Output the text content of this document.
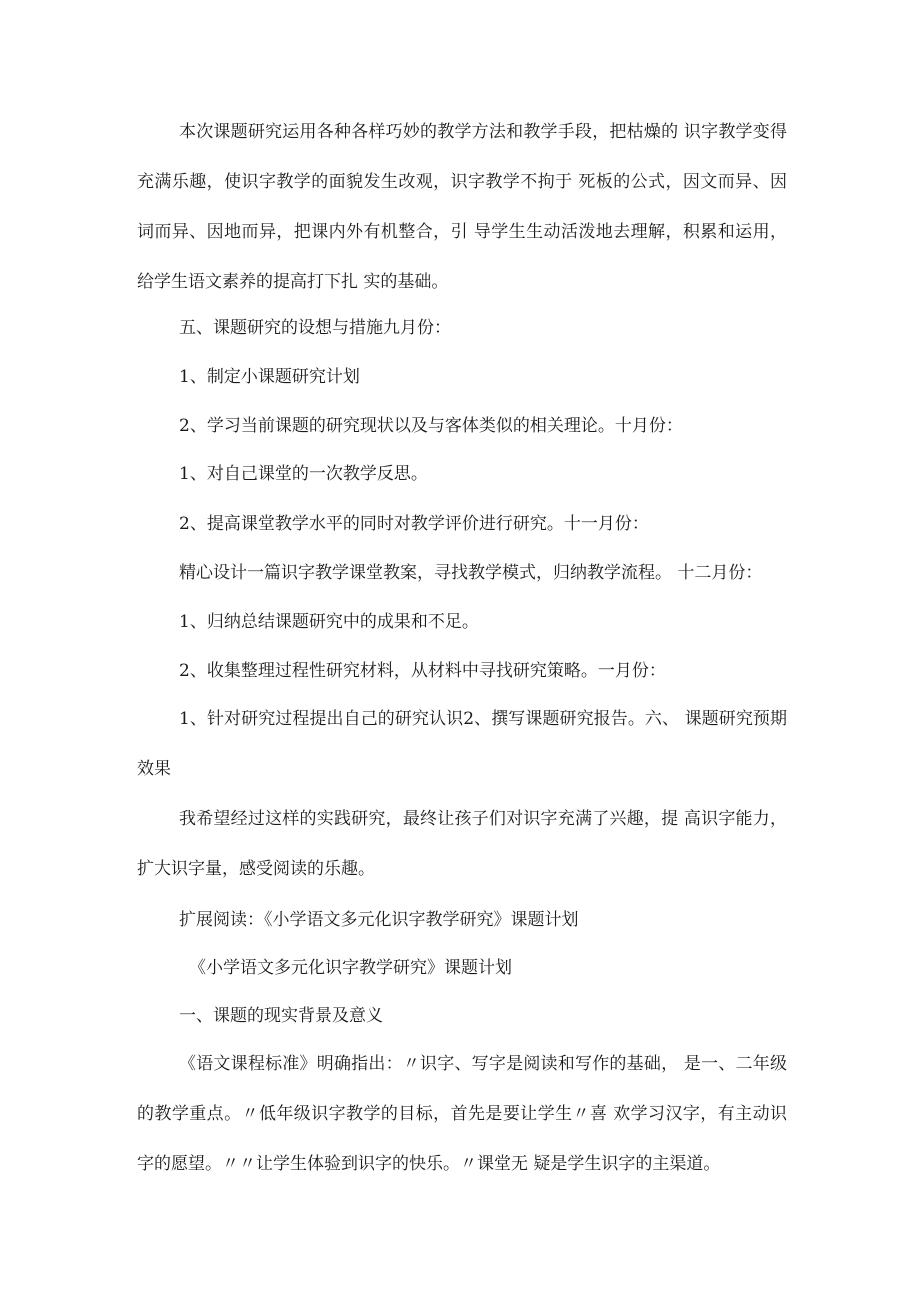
本次课题研究运用各种各样巧妙的教学方法和教学手段，把枯燥的 识字教学变得充满乐趣，使识字教学的面貌发生改观，识字教学不拘于 死板的公式，因文而异、因词而异、因地而异，把课内外有机整合，引 导学生生动活泼地去理解，积累和运用，给学生语文素养的提高打下扎 实的基础。

五、课题研究的设想与措施九月份：

1、制定小课题研究计划

2、学习当前课题的研究现状以及与客体类似的相关理论。十月份：

1、对自己课堂的一次教学反思。

2、提高课堂教学水平的同时对教学评价进行研究。十一月份：

精心设计一篇识字教学课堂教案，寻找教学模式，归纳教学流程。 十二月份：

1、归纳总结课题研究中的成果和不足。

2、收集整理过程性研究材料，从材料中寻找研究策略。一月份：

1、针对研究过程提出自己的研究认识2、撰写课题研究报告。六、 课题研究预期效果

我希望经过这样的实践研究，最终让孩子们对识字充满了兴趣，提 高识字能力，扩大识字量，感受阅读的乐趣。

扩展阅读：《小学语文多元化识字教学研究》课题计划

《小学语文多元化识字教学研究》课题计划

一、课题的现实背景及意义

《语文课程标准》明确指出：〃识字、写字是阅读和写作的基础， 是一、二年级的教学重点。〃低年级识字教学的目标，首先是要让学生〃喜 欢学习汉字，有主动识字的愿望。〃〃让学生体验到识字的快乐。〃课堂无 疑是学生识字的主渠道。
